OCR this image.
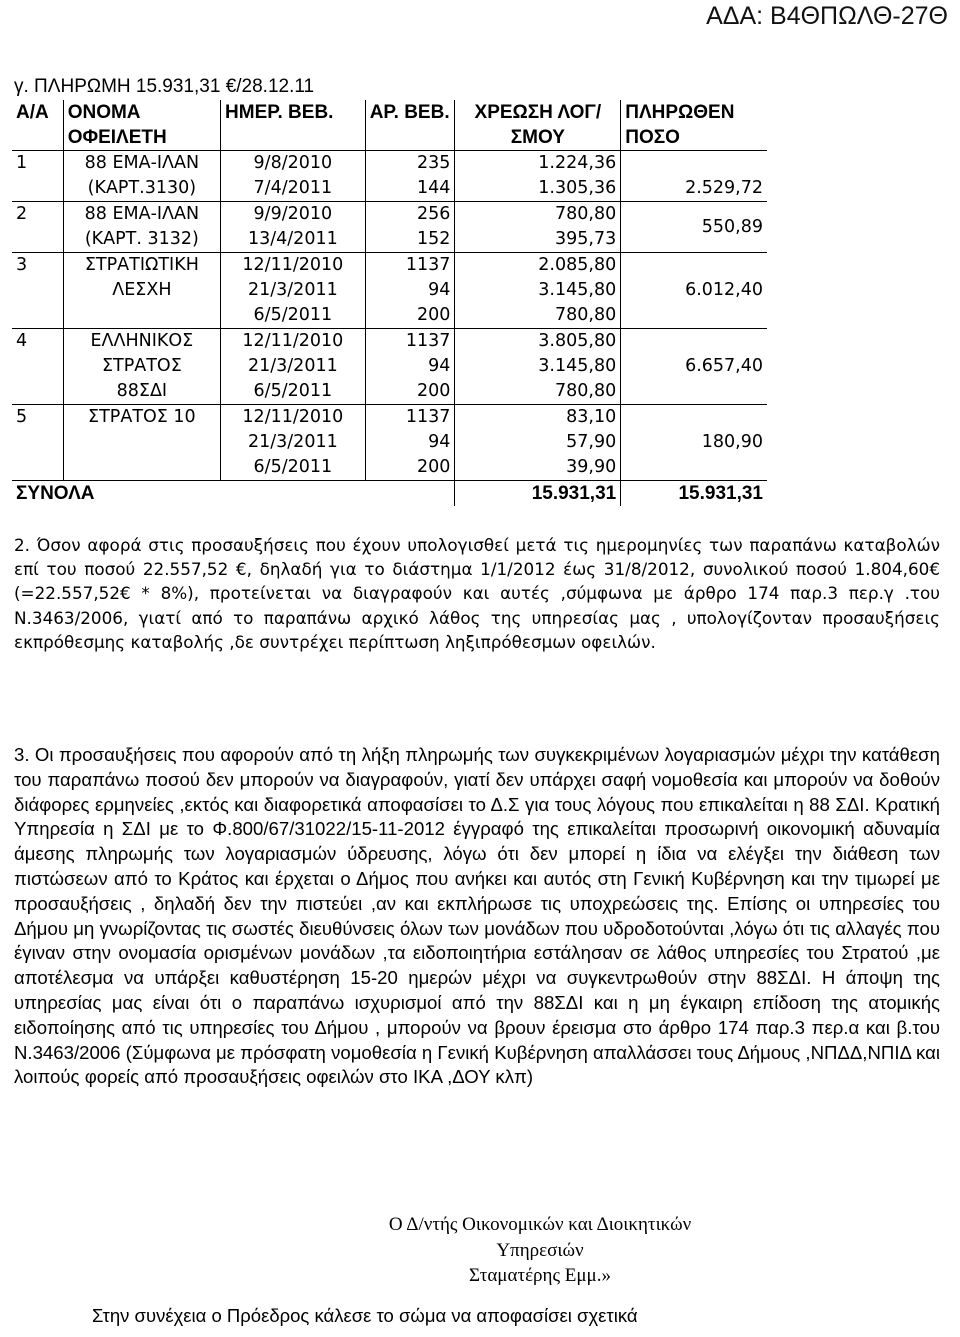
ΑΔΑ: Β4ΘΠΩΛΘ-27Θ
γ. ΠΛΗΡΩΜΗ 15.931,31 €/28.12.11
Α/Α	ΟΝΟΜΑ ΟΦΕΙΛΕΤΗ	ΗΜΕΡ. ΒΕΒ.	ΑΡ. ΒΕΒ.	ΧΡΕΩΣΗ ΛΟΓ/ΣΜΟΥ	ΠΛΗΡΩΘΕΝ ΠΟΣΟ
1	88 ΕΜΑ-ΙΛΑΝ	9/8/2010	235	1.224,36	2.529,72
	(ΚΑΡΤ.3130)	7/4/2011	144	1.305,36	
2	88 ΕΜΑ-ΙΛΑΝ	9/9/2010	256	780,80	550,89
	(ΚΑΡΤ. 3132)	13/4/2011	152	395,73	
3	ΣΤΡΑΤΙΩΤΙΚΗ	12/11/2010	1137	2.085,80	6.012,40
	ΛΕΣΧΗ	21/3/2011	94	3.145,80	
		6/5/2011	200	780,80	
4	ΕΛΛΗΝΙΚΟΣ	12/11/2010	1137	3.805,80	6.657,40
	ΣΤΡΑΤΟΣ	21/3/2011	94	3.145,80	
	88ΣΔΙ	6/5/2011	200	780,80	
5	ΣΤΡΑΤΟΣ 10	12/11/2010	1137	83,10	180,90
		21/3/2011	94	57,90	
		6/5/2011	200	39,90	
ΣΥΝΟΛΑ				15.931,31	15.931,31

2. Όσον αφορά στις προσαυξήσεις που έχουν υπολογισθεί μετά τις ημερομηνίες των παραπάνω καταβολών επί του ποσού 22.557,52 €, δηλαδή για το διάστημα 1/1/2012 έως 31/8/2012, συνολικού ποσού 1.804,60€ (=22.557,52€ * 8%), προτείνεται να διαγραφούν και αυτές ,σύμφωνα με άρθρο 174 παρ.3 περ.γ .του Ν.3463/2006, γιατί από το παραπάνω αρχικό λάθος της υπηρεσίας μας , υπολογίζονταν προσαυξήσεις εκπρόθεσμης καταβολής ,δε συντρέχει περίπτωση ληξιπρόθεσμων οφειλών.

3. Οι προσαυξήσεις που αφορούν από τη λήξη πληρωμής των συγκεκριμένων λογαριασμών μέχρι την κατάθεση του παραπάνω ποσού δεν μπορούν να διαγραφούν, γιατί δεν υπάρχει σαφή νομοθεσία και μπορούν να δοθούν διάφορες ερμηνείες ,εκτός και διαφορετικά αποφασίσει το Δ.Σ για τους λόγους που επικαλείται η 88 ΣΔΙ. Κρατική Υπηρεσία η ΣΔΙ με το Φ.800/67/31022/15-11-2012 έγγραφό της επικαλείται προσωρινή οικονομική αδυναμία άμεσης πληρωμής των λογαριασμών ύδρευσης, λόγω ότι δεν μπορεί η ίδια να ελέγξει την διάθεση των πιστώσεων από το Κράτος και έρχεται ο Δήμος που ανήκει και αυτός στη Γενική Κυβέρνηση και την τιμωρεί με προσαυξήσεις , δηλαδή δεν την πιστεύει ,αν και εκπλήρωσε τις υποχρεώσεις της. Επίσης οι υπηρεσίες του Δήμου μη γνωρίζοντας τις σωστές διευθύνσεις όλων των μονάδων που υδροδοτούνται ,λόγω ότι τις αλλαγές που έγιναν στην ονομασία ορισμένων μονάδων ,τα ειδοποιητήρια εστάλησαν σε λάθος υπηρεσίες του Στρατού ,με αποτέλεσμα να υπάρξει καθυστέρηση 15-20 ημερών μέχρι να συγκεντρωθούν στην 88ΣΔΙ. Η άποψη της υπηρεσίας μας είναι ότι ο παραπάνω ισχυρισμοί από την 88ΣΔΙ και η μη έγκαιρη επίδοση της ατομικής ειδοποίησης από τις υπηρεσίες του Δήμου , μπορούν να βρουν έρεισμα στο άρθρο 174 παρ.3 περ.α και β.του Ν.3463/2006 (Σύμφωνα με πρόσφατη νομοθεσία η Γενική Κυβέρνηση απαλλάσσει τους Δήμους ,ΝΠΔΔ,ΝΠΙΔ και λοιπούς φορείς από προσαυξήσεις οφειλών στο ΙΚΑ ,ΔΟΥ κλπ)

Ο Δ/ντής Οικονομικών και Διοικητικών
Υπηρεσιών
Σταματέρης Εμμ.»
Στην συνέχεια ο Πρόεδρος κάλεσε το σώμα να αποφασίσει σχετικά
